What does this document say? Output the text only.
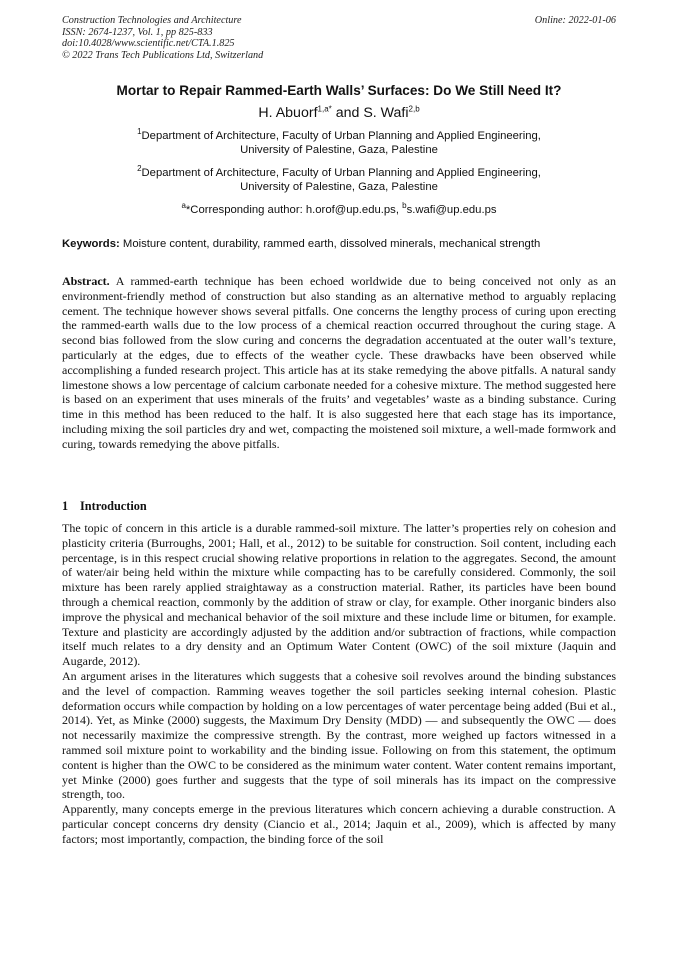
Construction Technologies and Architecture
ISSN: 2674-1237, Vol. 1, pp 825-833
doi:10.4028/www.scientific.net/CTA.1.825
© 2022 Trans Tech Publications Ltd, Switzerland
Online: 2022-01-06
Mortar to Repair Rammed-Earth Walls’ Surfaces: Do We Still Need It?
H. Abuorf$^{1,a*}$ and S. Wafi$^{2,b}$
$^1$Department of Architecture, Faculty of Urban Planning and Applied Engineering,
University of Palestine, Gaza, Palestine
$^2$Department of Architecture, Faculty of Urban Planning and Applied Engineering,
University of Palestine, Gaza, Palestine
$^a$*Corresponding author: h.orof@up.edu.ps, $^b$s.wafi@up.edu.ps
Keywords: Moisture content, durability, rammed earth, dissolved minerals, mechanical strength

Abstract. A rammed-earth technique has been echoed worldwide due to being conceived not only as an environment-friendly method of construction but also standing as an alternative method to arguably replacing cement. The technique however shows several pitfalls. One concerns the lengthy process of curing upon erecting the rammed-earth walls due to the low process of a chemical reaction occurred throughout the curing stage. A second bias followed from the slow curing and concerns the degradation accentuated at the outer wall’s texture, particularly at the edges, due to effects of the weather cycle. These drawbacks have been observed while accomplishing a funded research project. This article has at its stake remedying the above pitfalls. A natural sandy limestone shows a low percentage of calcium carbonate needed for a cohesive mixture. The method suggested here is based on an experiment that uses minerals of the fruits’ and vegetables’ waste as a binding substance. Curing time in this method has been reduced to the half. It is also suggested here that each stage has its importance, including mixing the soil particles dry and wet, compacting the moistened soil mixture, a well-made formwork and curing, towards remedying the above pitfalls.

1 Introduction

The topic of concern in this article is a durable rammed-soil mixture. The latter’s properties rely on cohesion and plasticity criteria (Burroughs, 2001; Hall, et al., 2012) to be suitable for construction. Soil content, including each percentage, is in this respect crucial showing relative proportions in relation to the aggregates. Second, the amount of water/air being held within the mixture while compacting has to be carefully considered. Commonly, the soil mixture has been rarely applied straightaway as a construction material. Rather, its particles have been bound through a chemical reaction, commonly by the addition of straw or clay, for example. Other inorganic binders also improve the physical and mechanical behavior of the soil mixture and these include lime or bitumen, for example. Texture and plasticity are accordingly adjusted by the addition and/or subtraction of fractions, while compaction itself much relates to a dry density and an Optimum Water Content (OWC) of the soil mixture (Jaquin and Augarde, 2012).

An argument arises in the literatures which suggests that a cohesive soil revolves around the binding substances and the level of compaction. Ramming weaves together the soil particles seeking internal cohesion. Plastic deformation occurs while compaction by holding on a low percentages of water percentage being added (Bui et al., 2014). Yet, as Minke (2000) suggests, the Maximum Dry Density (MDD) — and subsequently the OWC — does not necessarily maximize the compressive strength. By the contrast, more weighed up factors witnessed in a rammed soil mixture point to workability and the binding issue. Following on from this statement, the optimum content is higher than the OWC to be considered as the minimum water content. Water content remains important, yet Minke (2000) goes further and suggests that the type of soil minerals has its impact on the compressive strength, too.

Apparently, many concepts emerge in the previous literatures which concern achieving a durable construction. A particular concept concerns dry density (Ciancio et al., 2014; Jaquin et al., 2009), which is affected by many factors; most importantly, compaction, the binding force of the soil
